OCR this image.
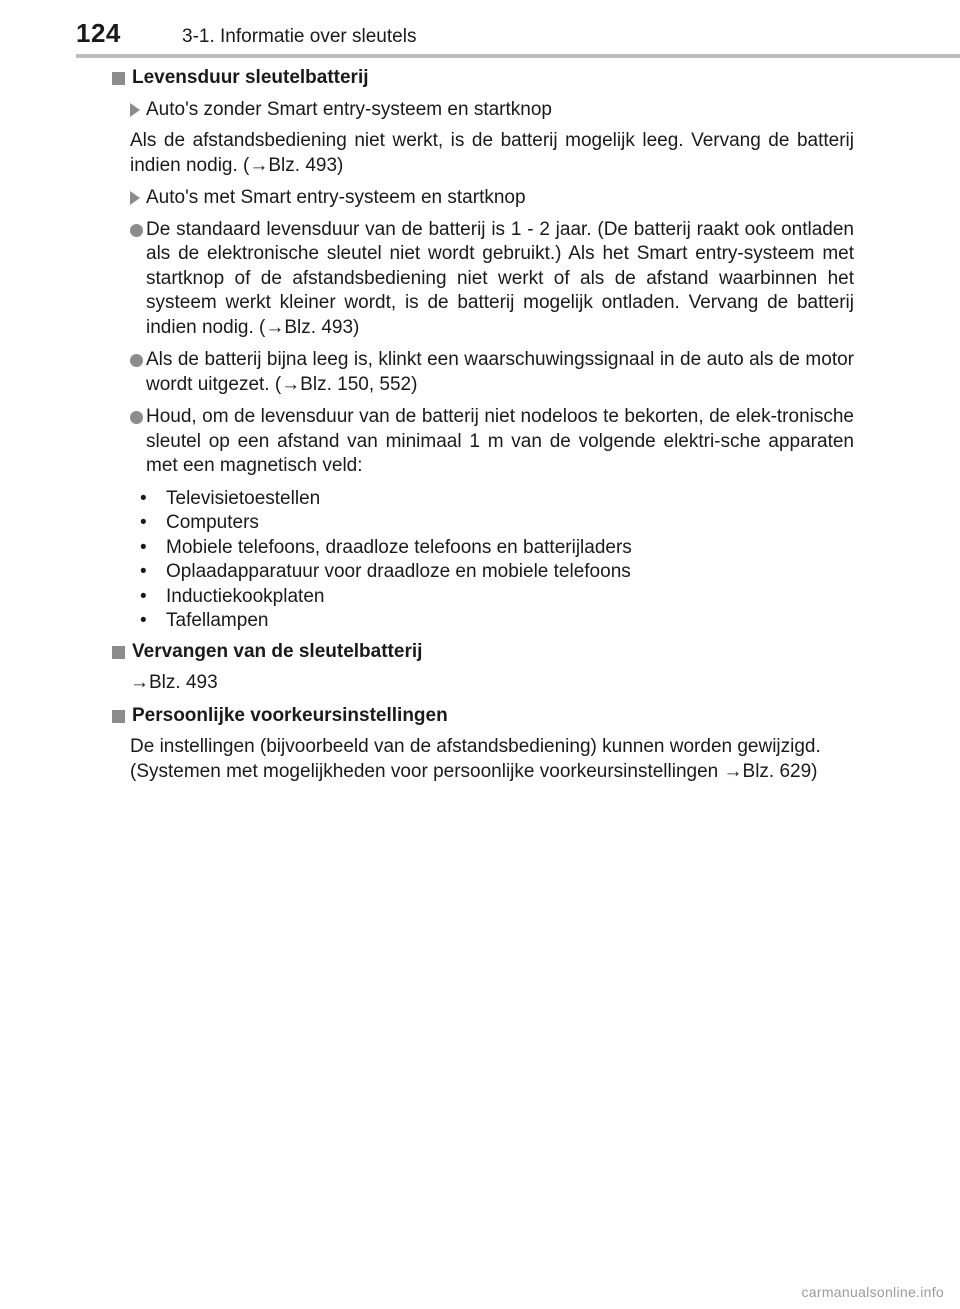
124	3-1. Informatie over sleutels
Levensduur sleutelbatterij
Auto's zonder Smart entry-systeem en startknop
Als de afstandsbediening niet werkt, is de batterij mogelijk leeg. Vervang de batterij indien nodig. (→Blz. 493)
Auto's met Smart entry-systeem en startknop
De standaard levensduur van de batterij is 1 - 2 jaar. (De batterij raakt ook ontladen als de elektronische sleutel niet wordt gebruikt.) Als het Smart entry-systeem met startknop of de afstandsbediening niet werkt of als de afstand waarbinnen het systeem werkt kleiner wordt, is de batterij mogelijk ontladen. Vervang de batterij indien nodig. (→Blz. 493)
Als de batterij bijna leeg is, klinkt een waarschuwingssignaal in de auto als de motor wordt uitgezet. (→Blz. 150, 552)
Houd, om de levensduur van de batterij niet nodeloos te bekorten, de elek-tronische sleutel op een afstand van minimaal 1 m van de volgende elektri-sche apparaten met een magnetisch veld:
•	Televisietoestellen
•	Computers
•	Mobiele telefoons, draadloze telefoons en batterijladers
•	Oplaadapparatuur voor draadloze en mobiele telefoons
•	Inductiekookplaten
•	Tafellampen
Vervangen van de sleutelbatterij
→Blz. 493
Persoonlijke voorkeursinstellingen
De instellingen (bijvoorbeeld van de afstandsbediening) kunnen worden gewijzigd.
(Systemen met mogelijkheden voor persoonlijke voorkeursinstellingen →Blz. 629)
carmanualsonline.info
